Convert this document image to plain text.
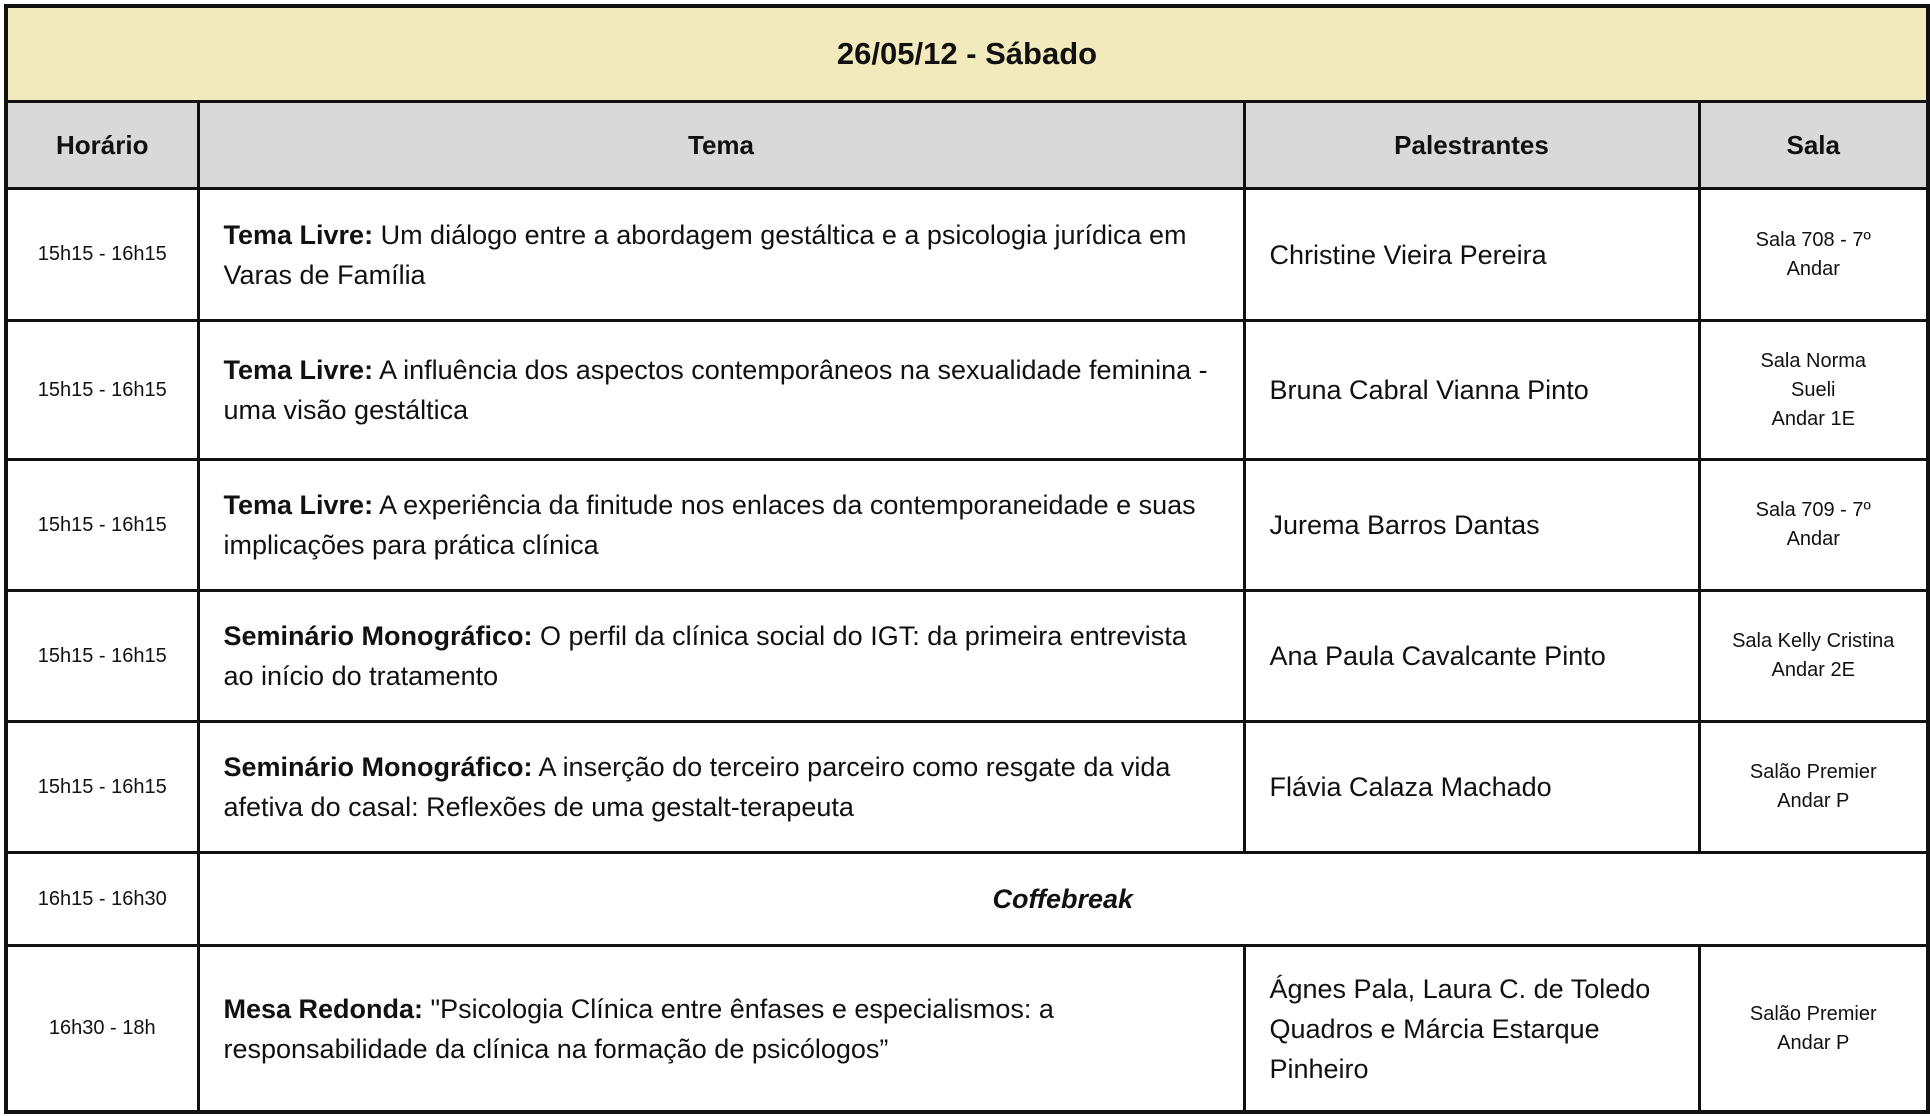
26/05/12 - Sábado			
Horário	Tema	Palestrantes	Sala
15h15 - 16h15	Tema Livre: Um diálogo entre a abordagem gestáltica e a psicologia jurídica em Varas de Família	Christine Vieira Pereira	Sala 708 - 7º
Andar

15h15 - 16h15	Tema Livre: A influência dos aspectos contemporâneos na sexualidade feminina - uma visão gestáltica	Bruna Cabral Vianna Pinto	Sala Norma
Sueli
Andar 1E

15h15 - 16h15	Tema Livre: A experiência da finitude nos enlaces da contemporaneidade e suas implicações para prática clínica	Jurema Barros Dantas	Sala 709 - 7º
Andar

15h15 - 16h15	Seminário Monográfico: O perfil da clínica social do IGT: da primeira entrevista ao início do tratamento	Ana Paula Cavalcante Pinto	Sala Kelly Cristina
Andar 2E

15h15 - 16h15	Seminário Monográfico: A inserção do terceiro parceiro como resgate da vida afetiva do casal: Reflexões de uma gestalt-terapeuta	Flávia Calaza Machado	Salão Premier
Andar P

16h15 - 16h30	Coffebreak		
16h30 - 18h	Mesa Redonda: "Psicologia Clínica entre ênfases e especialismos: a responsabilidade da clínica na formação de psicólogos”	Ágnes Pala, Laura C. de Toledo Quadros e Márcia Estarque Pinheiro	Salão Premier
Andar P
